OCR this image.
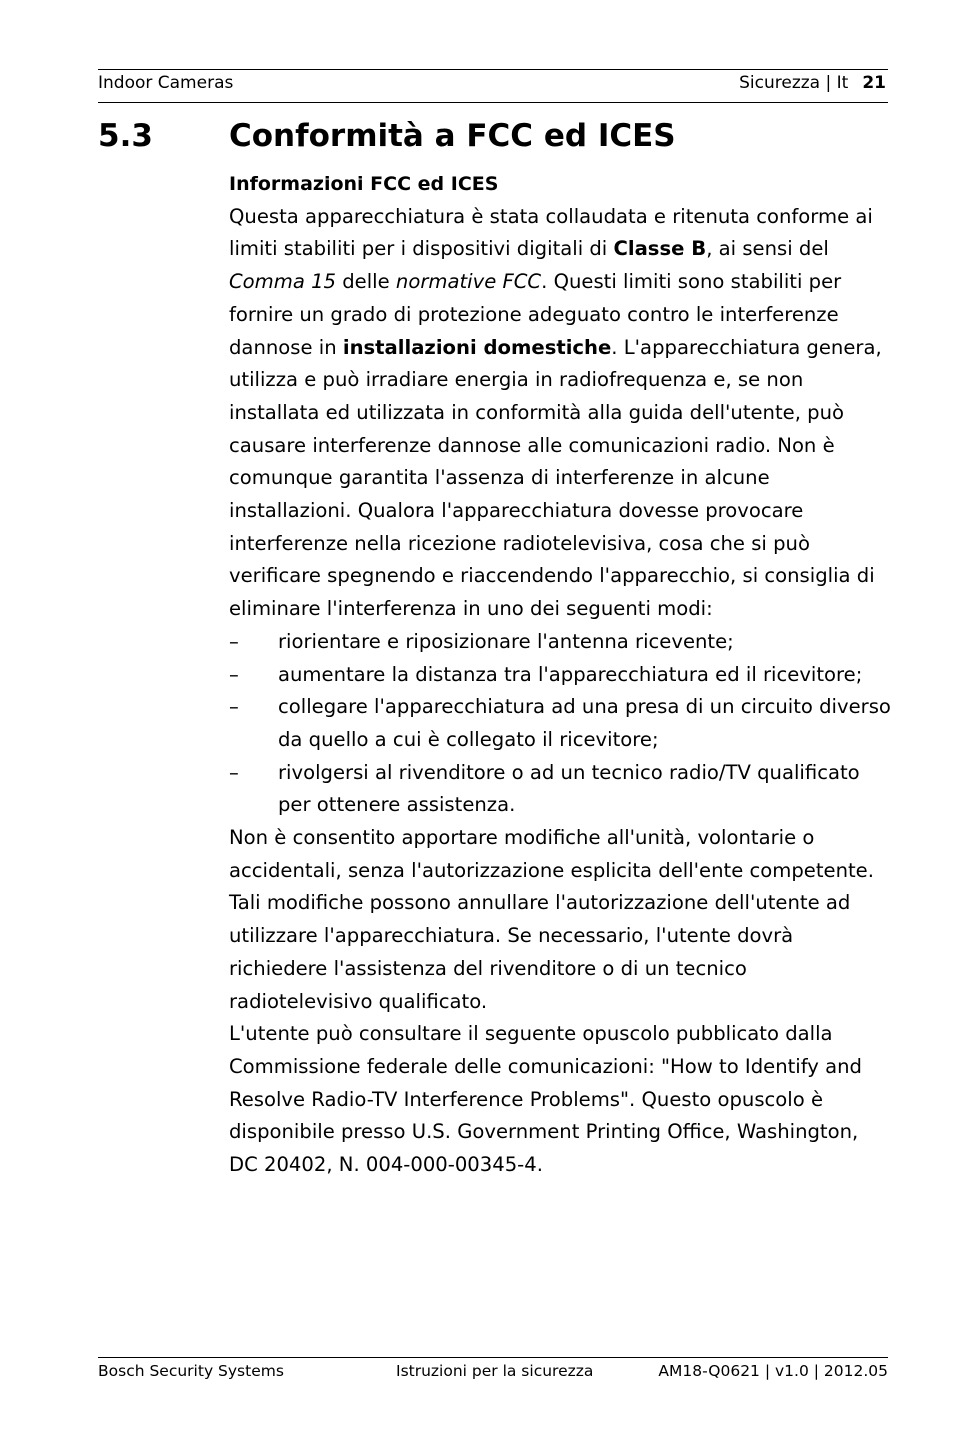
Indoor Cameras	Sicurezza | It 21
5.3 Conformità a FCC ed ICES

Informazioni FCC ed ICES

Questa apparecchiatura è stata collaudata e ritenuta conforme ai limiti stabiliti per i dispositivi digitali di Classe B, ai sensi del Comma 15 delle normative FCC. Questi limiti sono stabiliti per fornire un grado di protezione adeguato contro le interferenze dannose in installazioni domestiche. L'apparecchiatura genera, utilizza e può irradiare energia in radiofrequenza e, se non installata ed utilizzata in conformità alla guida dell'utente, può causare interferenze dannose alle comunicazioni radio. Non è comunque garantita l'assenza di interferenze in alcune installazioni. Qualora l'apparecchiatura dovesse provocare interferenze nella ricezione radiotelevisiva, cosa che si può verificare spegnendo e riaccendendo l'apparecchio, si consiglia di eliminare l'interferenza in uno dei seguenti modi:

– riorientare e riposizionare l'antenna ricevente;
– aumentare la distanza tra l'apparecchiatura ed il ricevitore;
– collegare l'apparecchiatura ad una presa di un circuito diverso da quello a cui è collegato il ricevitore;
– rivolgersi al rivenditore o ad un tecnico radio/TV qualificato per ottenere assistenza.

Non è consentito apportare modifiche all'unità, volontarie o accidentali, senza l'autorizzazione esplicita dell'ente competente. Tali modifiche possono annullare l'autorizzazione dell'utente ad utilizzare l'apparecchiatura. Se necessario, l'utente dovrà richiedere l'assistenza del rivenditore o di un tecnico radiotelevisivo qualificato.

L'utente può consultare il seguente opuscolo pubblicato dalla Commissione federale delle comunicazioni: "How to Identify and Resolve Radio-TV Interference Problems". Questo opuscolo è disponibile presso U.S. Government Printing Office, Washington, DC 20402, N. 004-000-00345-4.

Bosch Security Systems	Istruzioni per la sicurezza	AM18-Q0621 | v1.0 | 2012.05
